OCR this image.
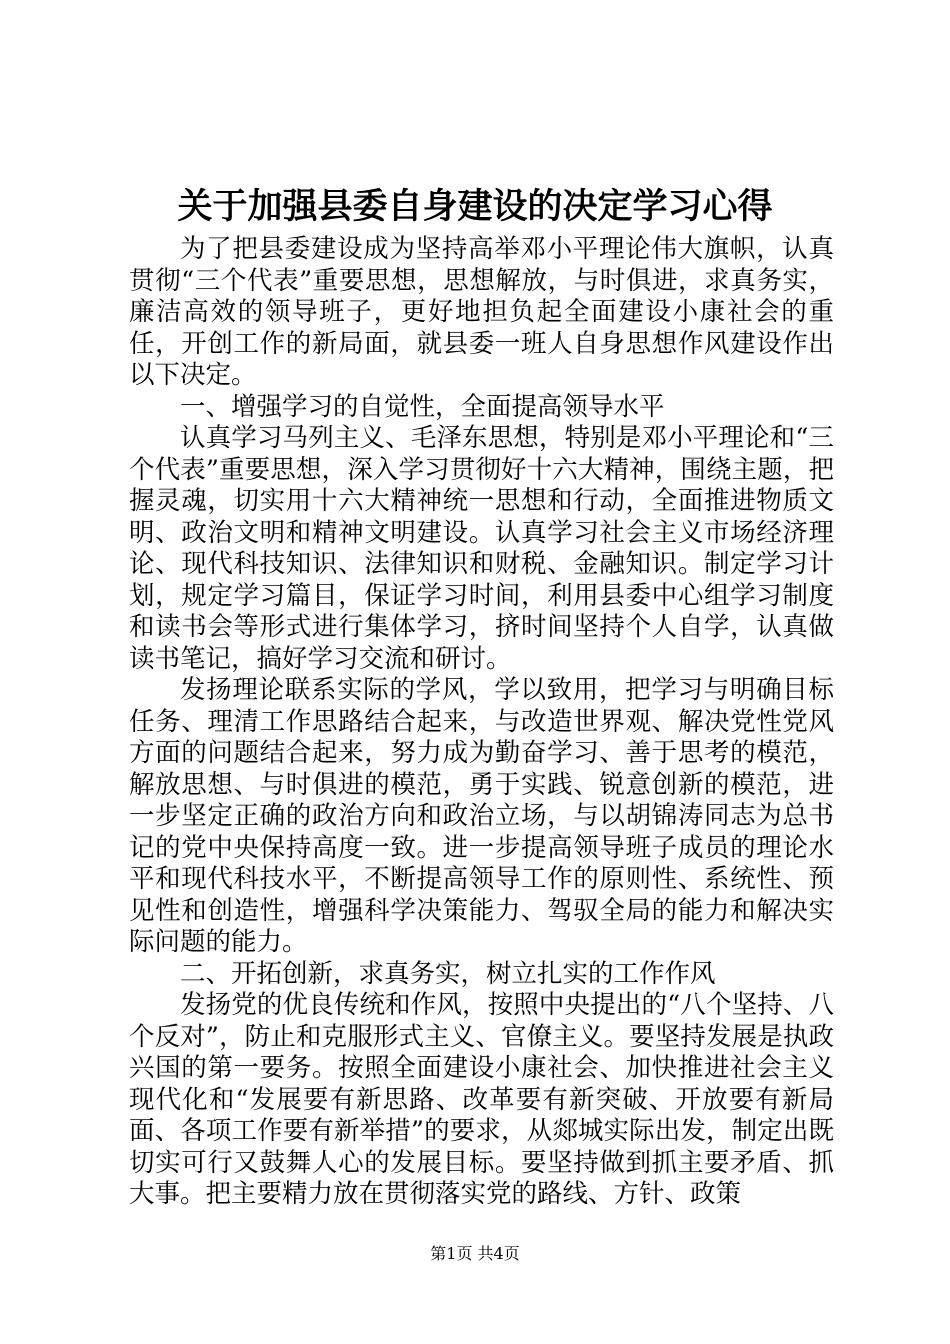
关于加强县委自身建设的决定学习心得

为了把县委建设成为坚持高举邓小平理论伟大旗帜，认真贯彻“三个代表”重要思想，思想解放，与时俱进，求真务实，廉洁高效的领导班子，更好地担负起全面建设小康社会的重任，开创工作的新局面，就县委一班人自身思想作风建设作出以下决定。

一、增强学习的自觉性，全面提高领导水平

认真学习马列主义、毛泽东思想，特别是邓小平理论和“三个代表”重要思想，深入学习贯彻好十六大精神，围绕主题，把握灵魂，切实用十六大精神统一思想和行动，全面推进物质文明、政治文明和精神文明建设。认真学习社会主义市场经济理论、现代科技知识、法律知识和财税、金融知识。制定学习计划，规定学习篇目，保证学习时间，利用县委中心组学习制度和读书会等形式进行集体学习，挤时间坚持个人自学，认真做读书笔记，搞好学习交流和研讨。

发扬理论联系实际的学风，学以致用，把学习与明确目标任务、理清工作思路结合起来，与改造世界观、解决党性党风方面的问题结合起来，努力成为勤奋学习、善于思考的模范，解放思想、与时俱进的模范，勇于实践、锐意创新的模范，进一步坚定正确的政治方向和政治立场，与以胡锦涛同志为总书记的党中央保持高度一致。进一步提高领导班子成员的理论水平和现代科技水平，不断提高领导工作的原则性、系统性、预见性和创造性，增强科学决策能力、驾驭全局的能力和解决实际问题的能力。

二、开拓创新，求真务实，树立扎实的工作作风

发扬党的优良传统和作风，按照中央提出的“八个坚持、八个反对”，防止和克服形式主义、官僚主义。要坚持发展是执政兴国的第一要务。按照全面建设小康社会、加快推进社会主义现代化和“发展要有新思路、改革要有新突破、开放要有新局面、各项工作要有新举措”的要求，从郯城实际出发，制定出既切实可行又鼓舞人心的发展目标。要坚持做到抓主要矛盾、抓大事。把主要精力放在贯彻落实党的路线、方针、政策

第1页 共4页
